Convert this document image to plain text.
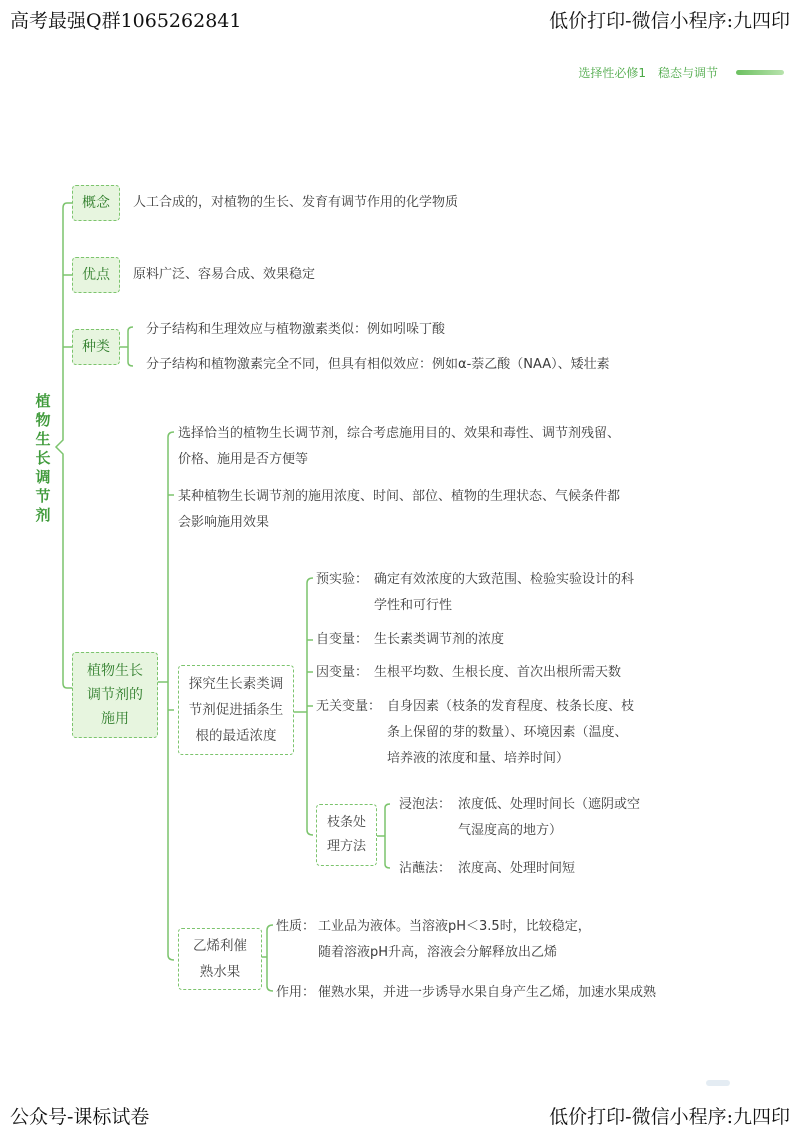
高考最强Q群1065262841	低价打印-微信小程序:九四印
公众号-课标试卷	低价打印-微信小程序:九四印
选择性必修1　稳态与调节
植物生长调节剂
概念 人工合成的，对植物的生长、发育有调节作用的化学物质
优点 原料广泛、容易合成、效果稳定
种类
分子结构和生理效应与植物激素类似：例如吲哚丁酸
分子结构和植物激素完全不同，但具有相似效应：例如α-萘乙酸（NAA）、矮壮素
植物生长
调节剂的
施用
选择恰当的植物生长调节剂，综合考虑施用目的、效果和毒性、调节剂残留、
价格、施用是否方便等
某种植物生长调节剂的施用浓度、时间、部位、植物的生理状态、气候条件都
会影响施用效果
探究生长素类调
节剂促进插条生
根的最适浓度
预实验： 确定有效浓度的大致范围、检验实验设计的科
学性和可行性
自变量： 生长素类调节剂的浓度
因变量： 生根平均数、生根长度、首次出根所需天数
无关变量： 自身因素（枝条的发育程度、枝条长度、枝
条上保留的芽的数量）、环境因素（温度、
培养液的浓度和量、培养时间）
枝条处
理方法
浸泡法： 浓度低、处理时间长（遮阴或空
气湿度高的地方）
沾蘸法： 浓度高、处理时间短
乙烯利催
熟水果
性质： 工业品为液体。当溶液pH＜3.5时，比较稳定，
随着溶液pH升高，溶液会分解释放出乙烯
作用： 催熟水果，并进一步诱导水果自身产生乙烯，加速水果成熟
